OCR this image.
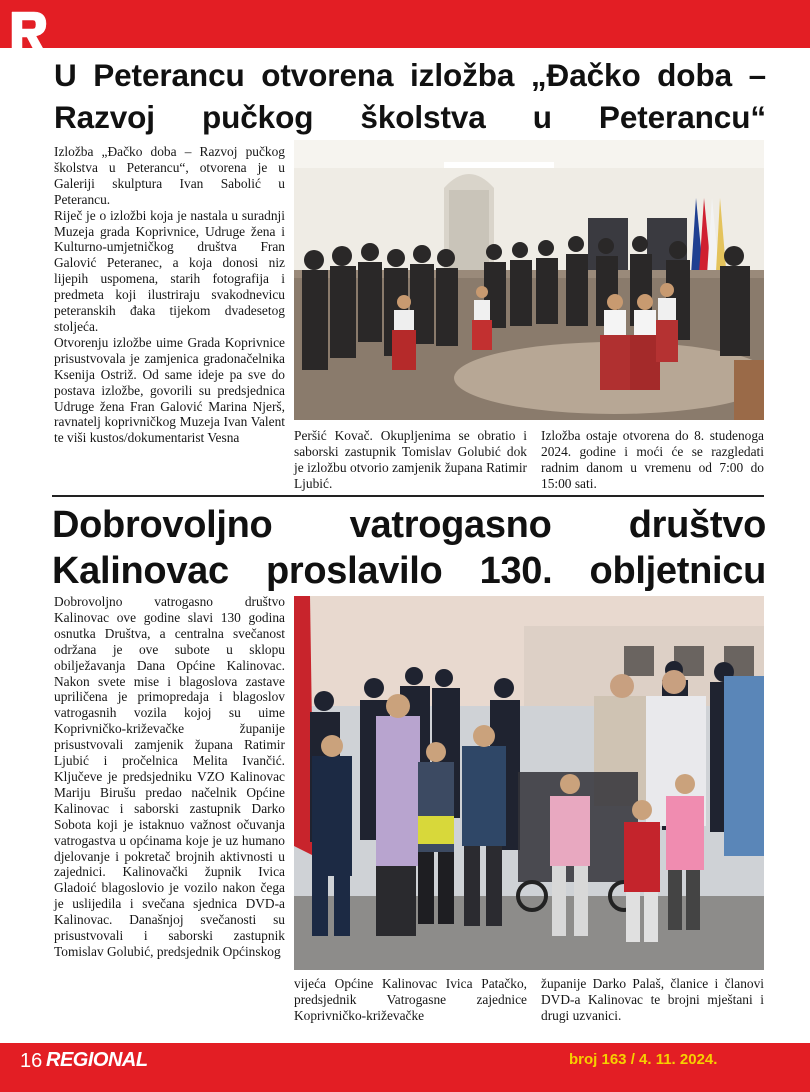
U Peterancu otvorena izložba „Đačko doba – Razvoj pučkog školstva u Peterancu“

Izložba „Đačko doba – Razvoj pučkog školstva u Peterancu“, otvorena je u Galeriji skulptura Ivan Sabolić u Peterancu.

Riječ je o izložbi koja je nastala u suradnji Muzeja grada Koprivnice, Udruge žena i Kulturno-umjetničkog društva Fran Galović Peteranec, a koja donosi niz lijepih uspomena, starih fotografija i predmeta koji ilustriraju svakodnevicu peteranskih đaka tijekom dvadesetog stoljeća.

Otvorenju izložbe uime Grada Koprivnice prisustvovala je zamjenica gradonačelnika Ksenija Ostriž. Od same ideje pa sve do postava izložbe, govorili su predsjednica Udruge žena Fran Galović Marina Njerš, ravnatelj koprivničkog Muzeja Ivan Valent te viši kustos/dokumentarist Vesna	Peršić Kovač. Okupljenima se obratio i saborski zastupnik Tomislav Golubić dok je izložbu otvorio zamjenik župana Ratimir Ljubić.
Izložba ostaje otvorena do 8. studenoga 2024. godine i moći će se razgledati radnim danom u vremenu od 7:00 do 15:00 sati.
Dobrovoljno vatrogasno društvo Kalinovac proslavilo 130. obljetnicu
Dobrovoljno vatrogasno društvo Kalinovac ove godine slavi 130 godina osnutka Društva, a centralna svečanost održana je ove subote u sklopu obilježavanja Dana Općine Kalinovac. Nakon svete mise i blagoslova zastave upriličena je primopredaja i blagoslov vatrogasnih vozila kojoj su uime Koprivničko-križevačke županije prisustvovali zamjenik župana Ratimir Ljubić i pročelnica Melita Ivančić. Ključeve je predsjedniku VZO Kalinovac Mariju Birušu predao načelnik Općine Kalinovac i saborski zastupnik Darko Sobota koji je istaknuo važnost očuvanja vatrogastva u općinama koje je uz humano djelovanje i pokretač brojnih aktivnosti u zajednici. Kalinovački župnik Ivica Gladoić blagoslovio je vozilo nakon čega je uslijedila i svečana sjednica DVD-a Kalinovac. Današnjoj svečanosti su prisustvovali i saborski zastupnik Tomislav Golubić, predsjednik Općinskog
vijeća Općine Kalinovac Ivica Patačko, predsjednik Vatrogasne zajednice Koprivničko-križevačke
županije Darko Palaš, članice i članovi DVD-a Kalinovac te brojni mještani i drugi uzvanici.
16 REGIONAL	broj 163 / 4. 11. 2024.
